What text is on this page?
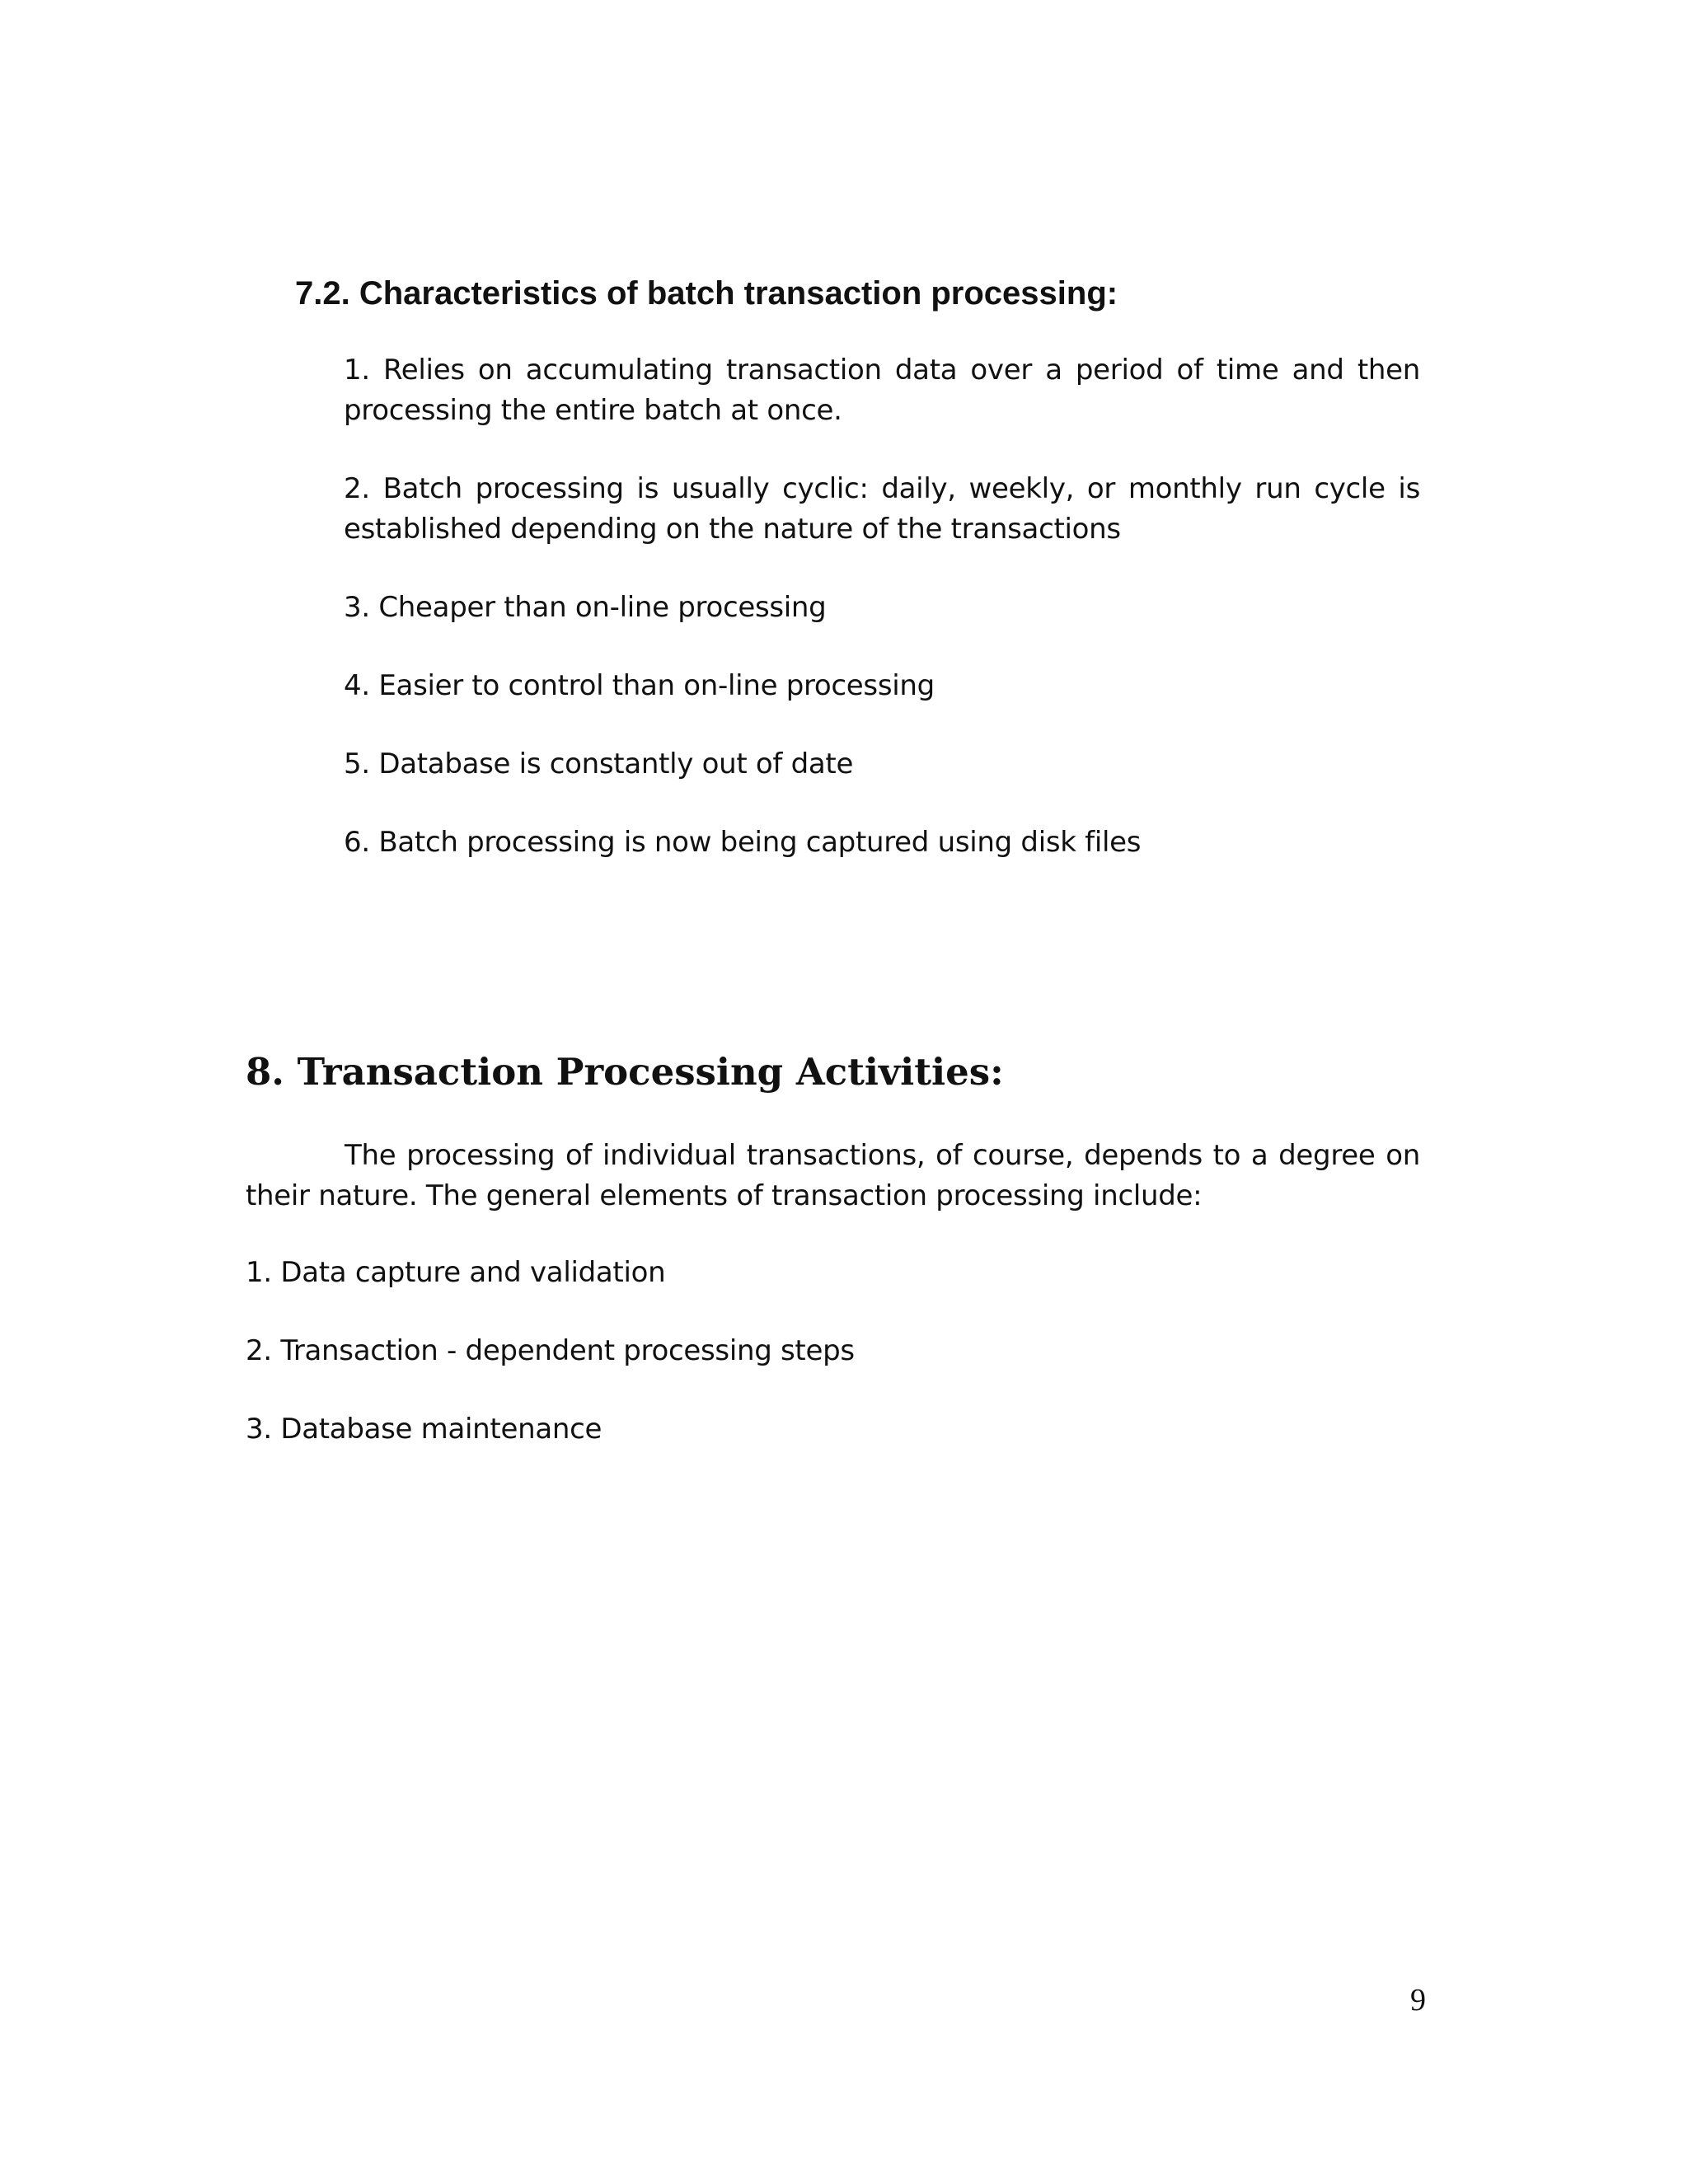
7.2. Characteristics of batch transaction processing:
1. Relies on accumulating transaction data over a period of time and then processing the entire batch at once.
2. Batch processing is usually cyclic: daily, weekly, or monthly run cycle is established depending on the nature of the transactions
3. Cheaper than on-line processing
4. Easier to control than on-line processing
5. Database is constantly out of date
6. Batch processing is now being captured using disk files
8. Transaction Processing Activities:

The processing of individual transactions, of course, depends to a degree on their nature. The general elements of transaction processing include:

1. Data capture and validation
2. Transaction - dependent processing steps
3. Database maintenance
9
